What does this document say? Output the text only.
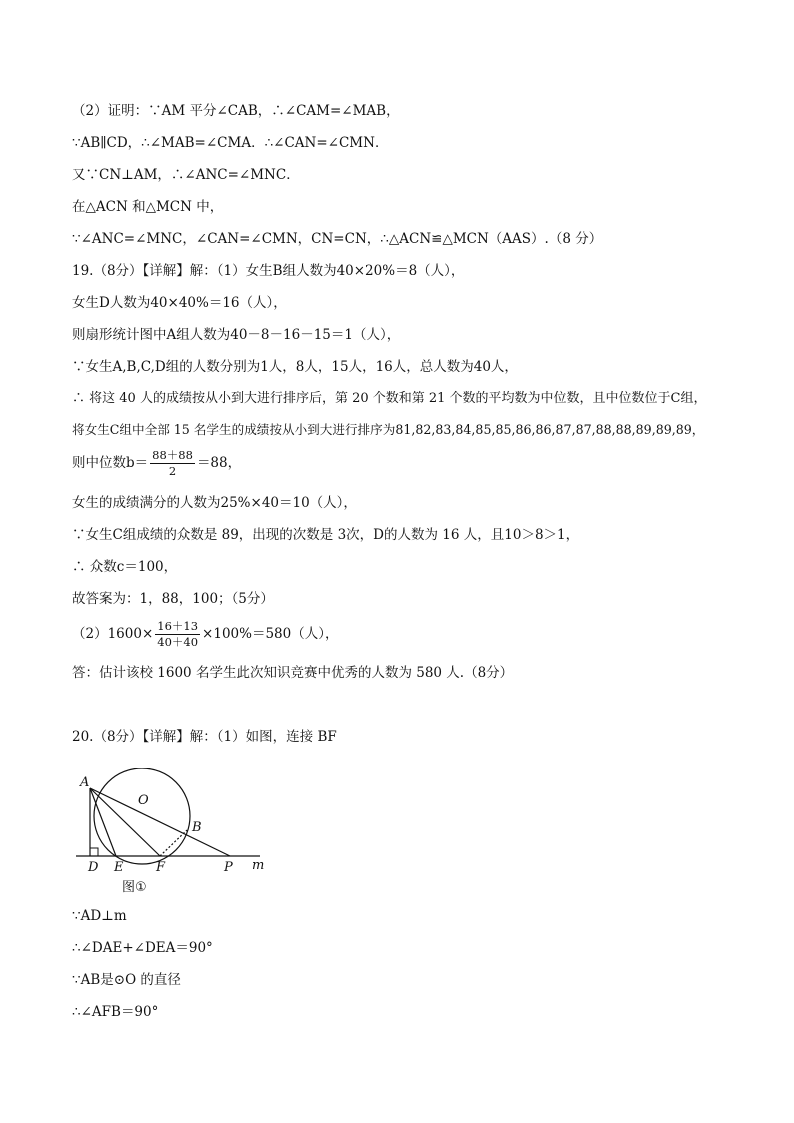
（2）证明：∵AM 平分∠CAB，∴∠CAM=∠MAB，
∵AB∥CD，∴∠MAB=∠CMA．∴∠CAN=∠CMN．
又∵CN⊥AM，∴∠ANC=∠MNC．
在△ACN 和△MCN 中，
∵∠ANC=∠MNC，∠CAN=∠CMN，CN=CN，∴△ACN≌△MCN（AAS）.（8 分）
19.（8分）【详解】解：（1）女生B组人数为40×20%＝8（人），
女生D人数为40×40%＝16（人），
则扇形统计图中A组人数为40－8－16－15＝1（人），
∵女生A,B,C,D组的人数分别为1人，8人，15人，16人，总人数为40人，
∴ 将这 40 人的成绩按从小到大进行排序后，第 20 个数和第 21 个数的平均数为中位数，且中位数位于C组，
将女生C组中全部 15 名学生的成绩按从小到大进行排序为81,82,83,84,85,85,86,86,87,87,88,88,89,89,89，
则中位数$b= \frac{88+88}{2} =88$，
女生的成绩满分的人数为25%×40＝10（人），
∵女生C组成绩的众数是 89，出现的次数是 3次，D的人数为 16 人，且10＞8＞1，
∴ 众数c＝100，
故答案为：1，88，100；（5分）
$(2)1600\times \frac{16+13}{40+40} \times 100\%=580$（人），
答：估计该校 1600 名学生此次知识竞赛中优秀的人数为 580 人.（8分）
20.（8分）【详解】解：（1）如图，连接 BF
A
O
B
D E	F	P m
图①
∵AD⊥m
∴∠DAE+∠DEA＝90°
∵AB是⊙O 的直径
∴∠AFB＝90°
